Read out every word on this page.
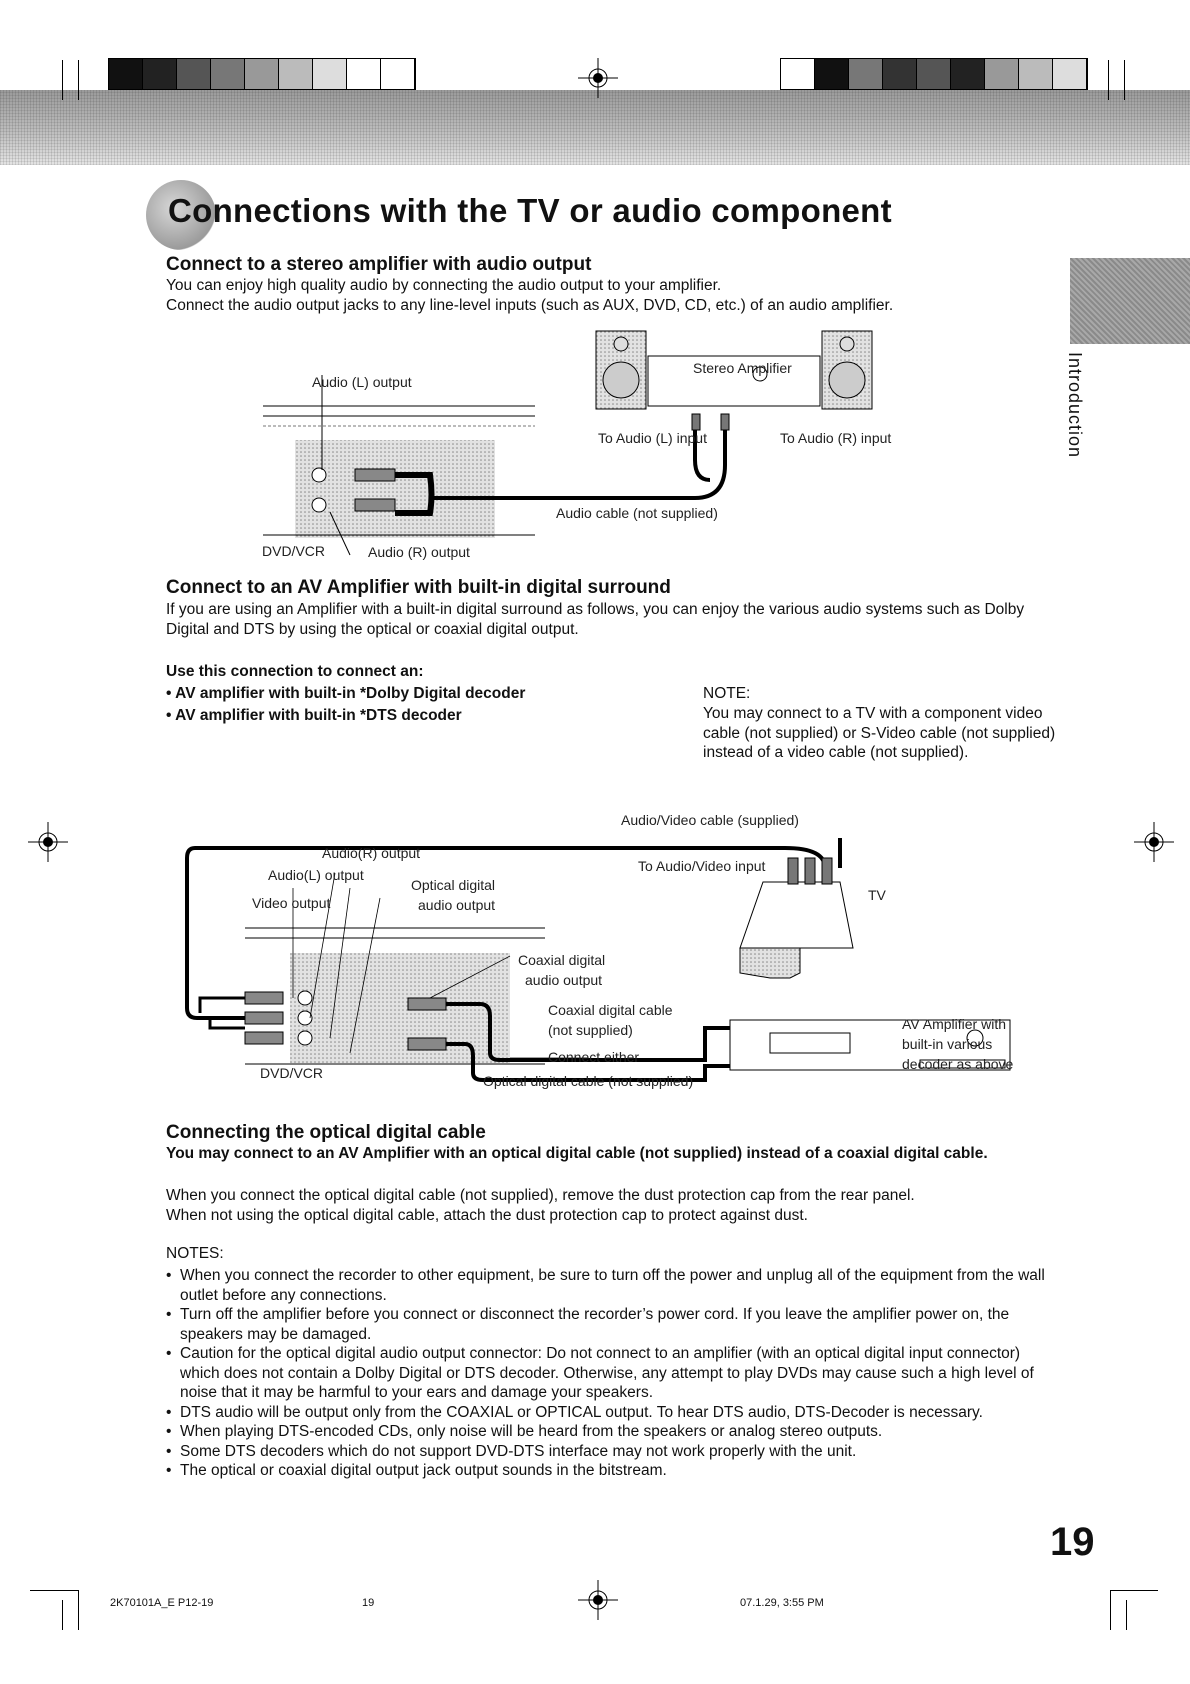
Connections with the TV or audio component
Introduction
Connect to a stereo amplifier with audio output
You can enjoy high quality audio by connecting the audio output to your amplifier.
Connect the audio output jacks to any line-level inputs (such as AUX, DVD, CD, etc.) of an audio amplifier.
Audio (L) output
DVD/VCR	Audio (R) output
Stereo Amplifier
To Audio (L) input	To Audio (R) input
Audio cable (not supplied)
Connect to an AV Amplifier with built-in digital surround
If you are using an Amplifier with a built-in digital surround as follows, you can enjoy the various audio systems such as Dolby Digital and DTS by using the optical or coaxial digital output.
Use this connection to connect an:
• AV amplifier with built-in *Dolby Digital decoder
• AV amplifier with built-in *DTS decoder
NOTE:
You may connect to a TV with a component video cable (not supplied) or S-Video cable (not supplied) instead of a video cable (not supplied).
Audio/Video cable (supplied)
Audio(R) output
Audio(L) output
Video output
Optical digital
audio output
To Audio/Video input
TV
Coaxial digital
audio output
Coaxial digital cable
(not supplied)
Connect either
Optical digital cable (not supplied)
DVD/VCR
AV Amplifier with
built-in various
decoder as above
Connecting the optical digital cable
You may connect to an AV Amplifier with an optical digital cable (not supplied) instead of a coaxial digital cable.
When you connect the optical digital cable (not supplied), remove the dust protection cap from the rear panel.
When not using the optical digital cable, attach the dust protection cap to protect against dust.
NOTES:
• When you connect the recorder to other equipment, be sure to turn off the power and unplug all of the equipment from the wall outlet before any connections.
• Turn off the amplifier before you connect or disconnect the recorder’s power cord. If you leave the amplifier power on, the speakers may be damaged.
• Caution for the optical digital audio output connector: Do not connect to an amplifier (with an optical digital input connector) which does not contain a Dolby Digital or DTS decoder. Otherwise, any attempt to play DVDs may cause such a high level of noise that it may be harmful to your ears and damage your speakers.
• DTS audio will be output only from the COAXIAL or OPTICAL output. To hear DTS audio, DTS-Decoder is necessary.
• When playing DTS-encoded CDs, only noise will be heard from the speakers or analog stereo outputs.
• Some DTS decoders which do not support DVD-DTS interface may not work properly with the unit.
• The optical or coaxial digital output jack output sounds in the bitstream.
19
2K70101A_E P12-19	19	07.1.29, 3:55 PM
